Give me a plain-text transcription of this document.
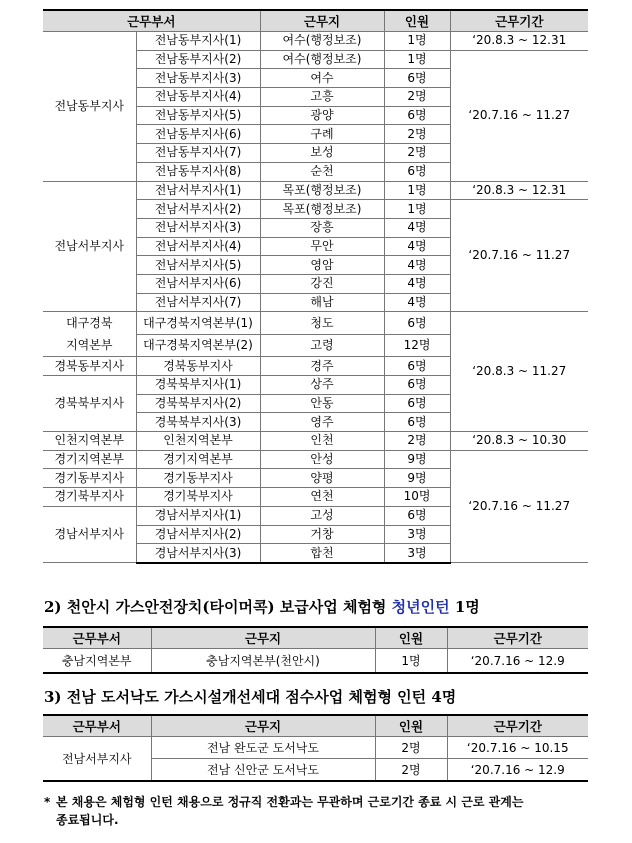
근무부서		근무지	인원	근무기간
전남동부지사	전남동부지사(1)	여수(행정보조)	1명	‘20.8.3 ~ 12.31
	전남동부지사(2)	여수(행정보조)	1명	‘20.7.16 ~ 11.27
	전남동부지사(3)	여수	6명	
	전남동부지사(4)	고흥	2명	
	전남동부지사(5)	광양	6명	
	전남동부지사(6)	구례	2명	
	전남동부지사(7)	보성	2명	
	전남동부지사(8)	순천	6명	
전남서부지사	전남서부지사(1)	목포(행정보조)	1명	‘20.8.3 ~ 12.31
	전남서부지사(2)	목포(행정보조)	1명	‘20.7.16 ~ 11.27
	전남서부지사(3)	장흥	4명	
	전남서부지사(4)	무안	4명	
	전남서부지사(5)	영암	4명	
	전남서부지사(6)	강진	4명	
	전남서부지사(7)	해남	4명	
대구경북
지역본부	대구경북지역본부(1)	청도	6명	‘20.8.3 ~ 11.27
	대구경북지역본부(2)	고령	12명	
경북동부지사	경북동부지사	경주	6명	
경북북부지사	경북북부지사(1)	상주	6명	
	경북북부지사(2)	안동	6명	
	경북북부지사(3)	영주	6명	
인천지역본부	인천지역본부	인천	2명	‘20.8.3 ~ 10.30
경기지역본부	경기지역본부	안성	9명	‘20.7.16 ~ 11.27
경기동부지사	경기동부지사	양평	9명	
경기북부지사	경기북부지사	연천	10명	
경남서부지사	경남서부지사(1)	고성	6명	
	경남서부지사(2)	거창	3명	
	경남서부지사(3)	합천	3명	
2) 천안시 가스안전장치(타이머콕) 보급사업 체험형 청년인턴 1명
근무부서	근무지	인원	근무기간
충남지역본부	충남지역본부(천안시)	1명	‘20.7.16 ~ 12.9
3) 전남 도서낙도 가스시설개선세대 점수사업 체험형 인턴 4명
근무부서	근무지	인원	근무기간
전남서부지사	전남 완도군 도서낙도	2명	‘20.7.16 ~ 10.15
	전남 신안군 도서낙도	2명	‘20.7.16 ~ 12.9
* 본 채용은 체험형 인턴 채용으로 정규직 전환과는 무관하며 근로기간 종료 시 근로 관계는
종료됩니다.
